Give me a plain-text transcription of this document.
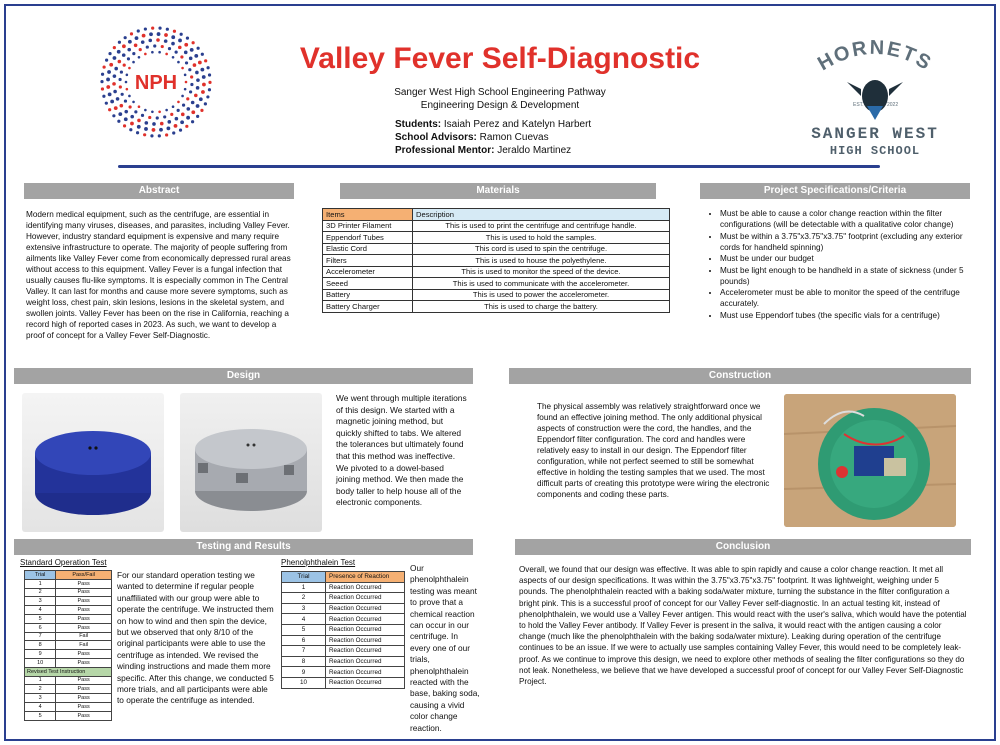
NPH
Valley Fever Self-Diagnostic
Sanger West High School Engineering Pathway
Engineering Design & Development
Students: Isaiah Perez and Katelyn Harbert
School Advisors: Ramon Cuevas
Professional Mentor: Jeraldo Martinez
HORNETS
EST.	2022
SANGER WEST
HIGH SCHOOL
Abstract	Materials	Project Specifications/Criteria
Modern medical equipment, such as the centrifuge, are essential in identifying many viruses, diseases, and parasites, including Valley Fever. However, industry standard equipment is expensive and many require extensive infrastructure to operate. The majority of people suffering from ailments like Valley Fever come from economically depressed rural areas without access to this equipment. Valley Fever is a fungal infection that usually causes flu-like symptoms. It is especially common in The Central Valley. It can last for months and cause more severe symptoms, such as weight loss, chest pain, skin lesions, lesions in the skeletal system, and swollen joints. Valley Fever has been on the rise in California, reaching a record high of reported cases in 2023. As such, we want to develop a proof of concept for a Valley Fever Self-Diagnostic.
Items	Description
3D Printer Filament	This is used to print the centrifuge and centrifuge handle.
Eppendorf Tubes	This is used to hold the samples.
Elastic Cord	This cord is used to spin the centrifuge.
Filters	This is used to house the polyethylene.
Accelerometer	This is used to monitor the speed of the device.
Seeed	This is used to communicate with the accelerometer.
Battery	This is used to power the accelerometer.
Battery Charger	This is used to charge the battery.
• Must be able to cause a color change reaction within the filter configurations (will be detectable with a qualitative color change)
• Must be within a 3.75"x3.75"x3.75" footprint (excluding any exterior cords for handheld spinning)
• Must be under our budget
• Must be light enough to be handheld in a state of sickness (under 5 pounds)
• Accelerometer must be able to monitor the speed of the centrifuge accurately.
• Must use Eppendorf tubes (the specific vials for a centrifuge)
Design	Construction
We went through multiple iterations of this design. We started with a magnetic joining method, but quickly shifted to tabs. We altered the tolerances but ultimately found that this method was ineffective. We pivoted to a dowel-based joining method. We then made the body taller to help house all of the electronic components.
The physical assembly was relatively straightforward once we found an effective joining method. The only additional physical aspects of construction were the cord, the handles, and the Eppendorf filter configuration. The cord and handles were relatively easy to install in our design. The Eppendorf filter configuration, while not perfect seemed to still be somewhat effective in holding the testing samples that we used. The most difficult parts of creating this prototype were wiring the electronic components and coding these parts.
Testing and Results	Conclusion
Standard Operation Test
Trial	Pass/Fail
1	Pass
2	Pass
3	Pass
4	Pass
5	Pass
6	Pass
7	Fail
8	Fail
9	Pass
10	Pass
Revised Test Instruction	
1	Pass
2	Pass
3	Pass
4	Pass
5	Pass
For our standard operation testing we wanted to determine if regular people unaffiliated with our group were able to operate the centrifuge. We instructed them on how to wind and then spin the device, but we observed that only 8/10 of the original participants were able to use the centrifuge as intended. We revised the winding instructions and made them more specific. After this change, we conducted 5 more trials, and all participants were able to operate the centrifuge as intended.
Phenolphthalein Test
Trial	Presence of Reaction
1	Reaction Occurred
2	Reaction Occurred
3	Reaction Occurred
4	Reaction Occurred
5	Reaction Occurred
6	Reaction Occurred
7	Reaction Occurred
8	Reaction Occurred
9	Reaction Occurred
10	Reaction Occurred
Our phenolphthalein testing was meant to prove that a chemical reaction can occur in our centrifuge. In every one of our trials, phenolphthalein reacted with the base, baking soda, causing a vivid color change reaction.
Overall, we found that our design was effective. It was able to spin rapidly and cause a color change reaction. It met all aspects of our design specifications. It was within the 3.75"x3.75"x3.75" footprint. It was lightweight, weighing under 5 pounds. The phenolphthalein reacted with a baking soda/water mixture, turning the substance in the filter configuration a bright pink. This is a successful proof of concept for our Valley Fever self-diagnostic. In an actual testing kit, instead of phenolphthalein, we would use a Valley Fever antigen. This would react with the user's saliva, which would have the potential to hold the Valley Fever antibody. If Valley Fever is present in the saliva, it would react with the antigen causing a color change (much like the phenolphthalein with the baking soda/water mixture). Leaking during operation of the centrifuge continues to be an issue. If we were to actually use samples containing Valley Fever, this would need to be completely leak-proof. As we continue to improve this design, we need to explore other methods of sealing the filter configurations so they do not leak. Nonetheless, we believe that we have developed a successful proof of concept for our Valley Fever Self-Diagnostic Project.
